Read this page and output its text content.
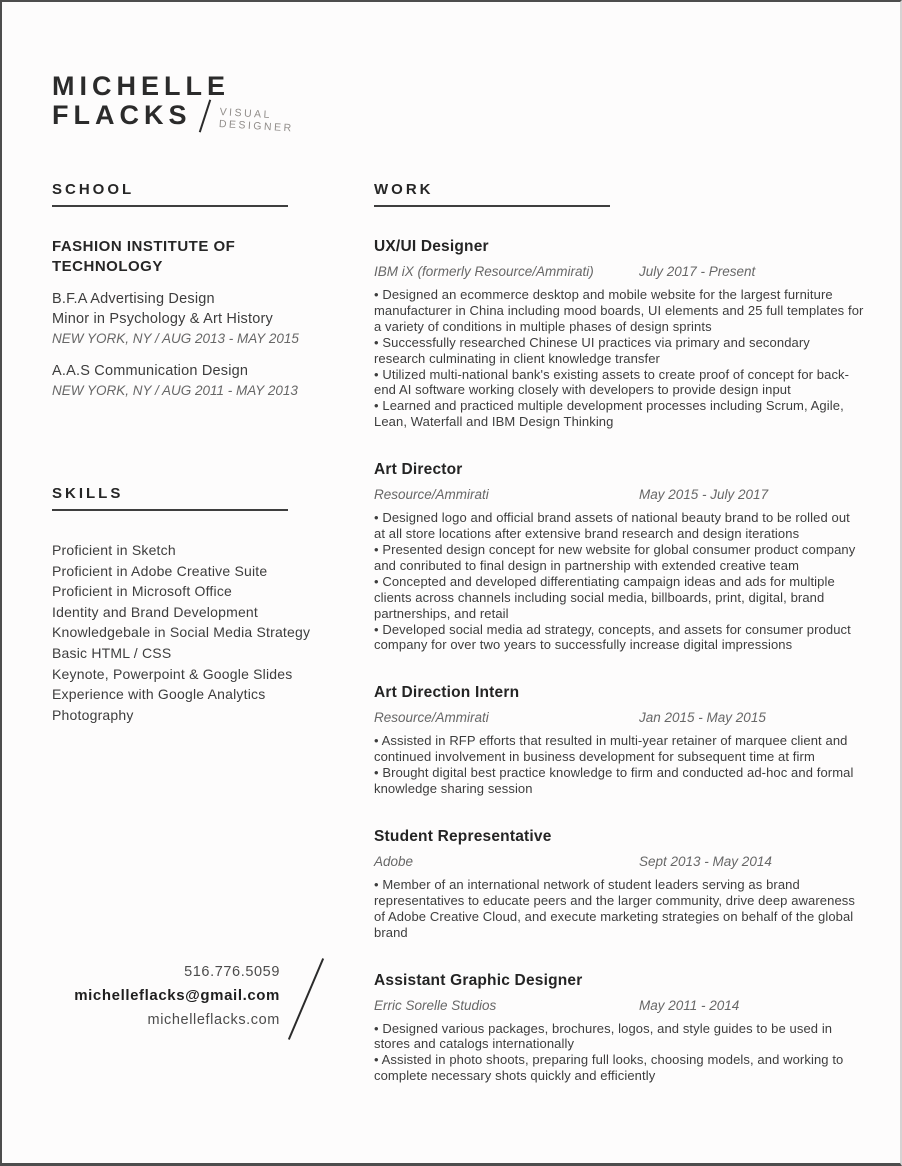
MICHELLE
FLACKS	VISUAL
DESIGNER
SCHOOL
FASHION INSTITUTE OF TECHNOLOGY
B.F.A Advertising Design
Minor in Psychology & Art History
NEW YORK, NY / AUG 2013 - MAY 2015
A.A.S Communication Design
NEW YORK, NY / AUG 2011 - MAY 2013
SKILLS
Proficient in Sketch
Proficient in Adobe Creative Suite
Proficient in Microsoft Office
Identity and Brand Development
Knowledgebale in Social Media Strategy
Basic HTML / CSS
Keynote, Powerpoint & Google Slides
Experience with Google Analytics
Photography
516.776.5059
michelleflacks@gmail.com
michelleflacks.com
WORK
UX/UI Designer
IBM iX (formerly Resource/Ammirati)	July 2017 - Present

• Designed an ecommerce desktop and mobile website for the largest furniture manufacturer in China including mood boards, UI elements and 25 full templates for a variety of conditions in multiple phases of design sprints

• Successfully researched Chinese UI practices via primary and secondary research culminating in client knowledge transfer

• Utilized multi-national bank's existing assets to create proof of concept for back-end AI software working closely with developers to provide design input

• Learned and practiced multiple development processes including Scrum, Agile, Lean, Waterfall and IBM Design Thinking

Art Director
Resource/Ammirati	May 2015 - July 2017

• Designed logo and official brand assets of national beauty brand to be rolled out at all store locations after extensive brand research and design iterations

• Presented design concept for new website for global consumer product company and conributed to final design in partnership with extended creative team

• Concepted and developed differentiating campaign ideas and ads for multiple clients across channels including social media, billboards, print, digital, brand partnerships, and retail

• Developed social media ad strategy, concepts, and assets for consumer product company for over two years to successfully increase digital impressions

Art Direction Intern
Resource/Ammirati	Jan 2015 - May 2015

• Assisted in RFP efforts that resulted in multi-year retainer of marquee client and continued involvement in business development for subsequent time at firm

• Brought digital best practice knowledge to firm and conducted ad-hoc and formal knowledge sharing session

Student Representative
Adobe	Sept 2013 - May 2014

• Member of an international network of student leaders serving as brand representatives to educate peers and the larger community, drive deep awareness of Adobe Creative Cloud, and execute marketing strategies on behalf of the global brand

Assistant Graphic Designer
Erric Sorelle Studios	May 2011 - 2014

• Designed various packages, brochures, logos, and style guides to be used in stores and catalogs internationally

• Assisted in photo shoots, preparing full looks, choosing models, and working to complete necessary shots quickly and efficiently
